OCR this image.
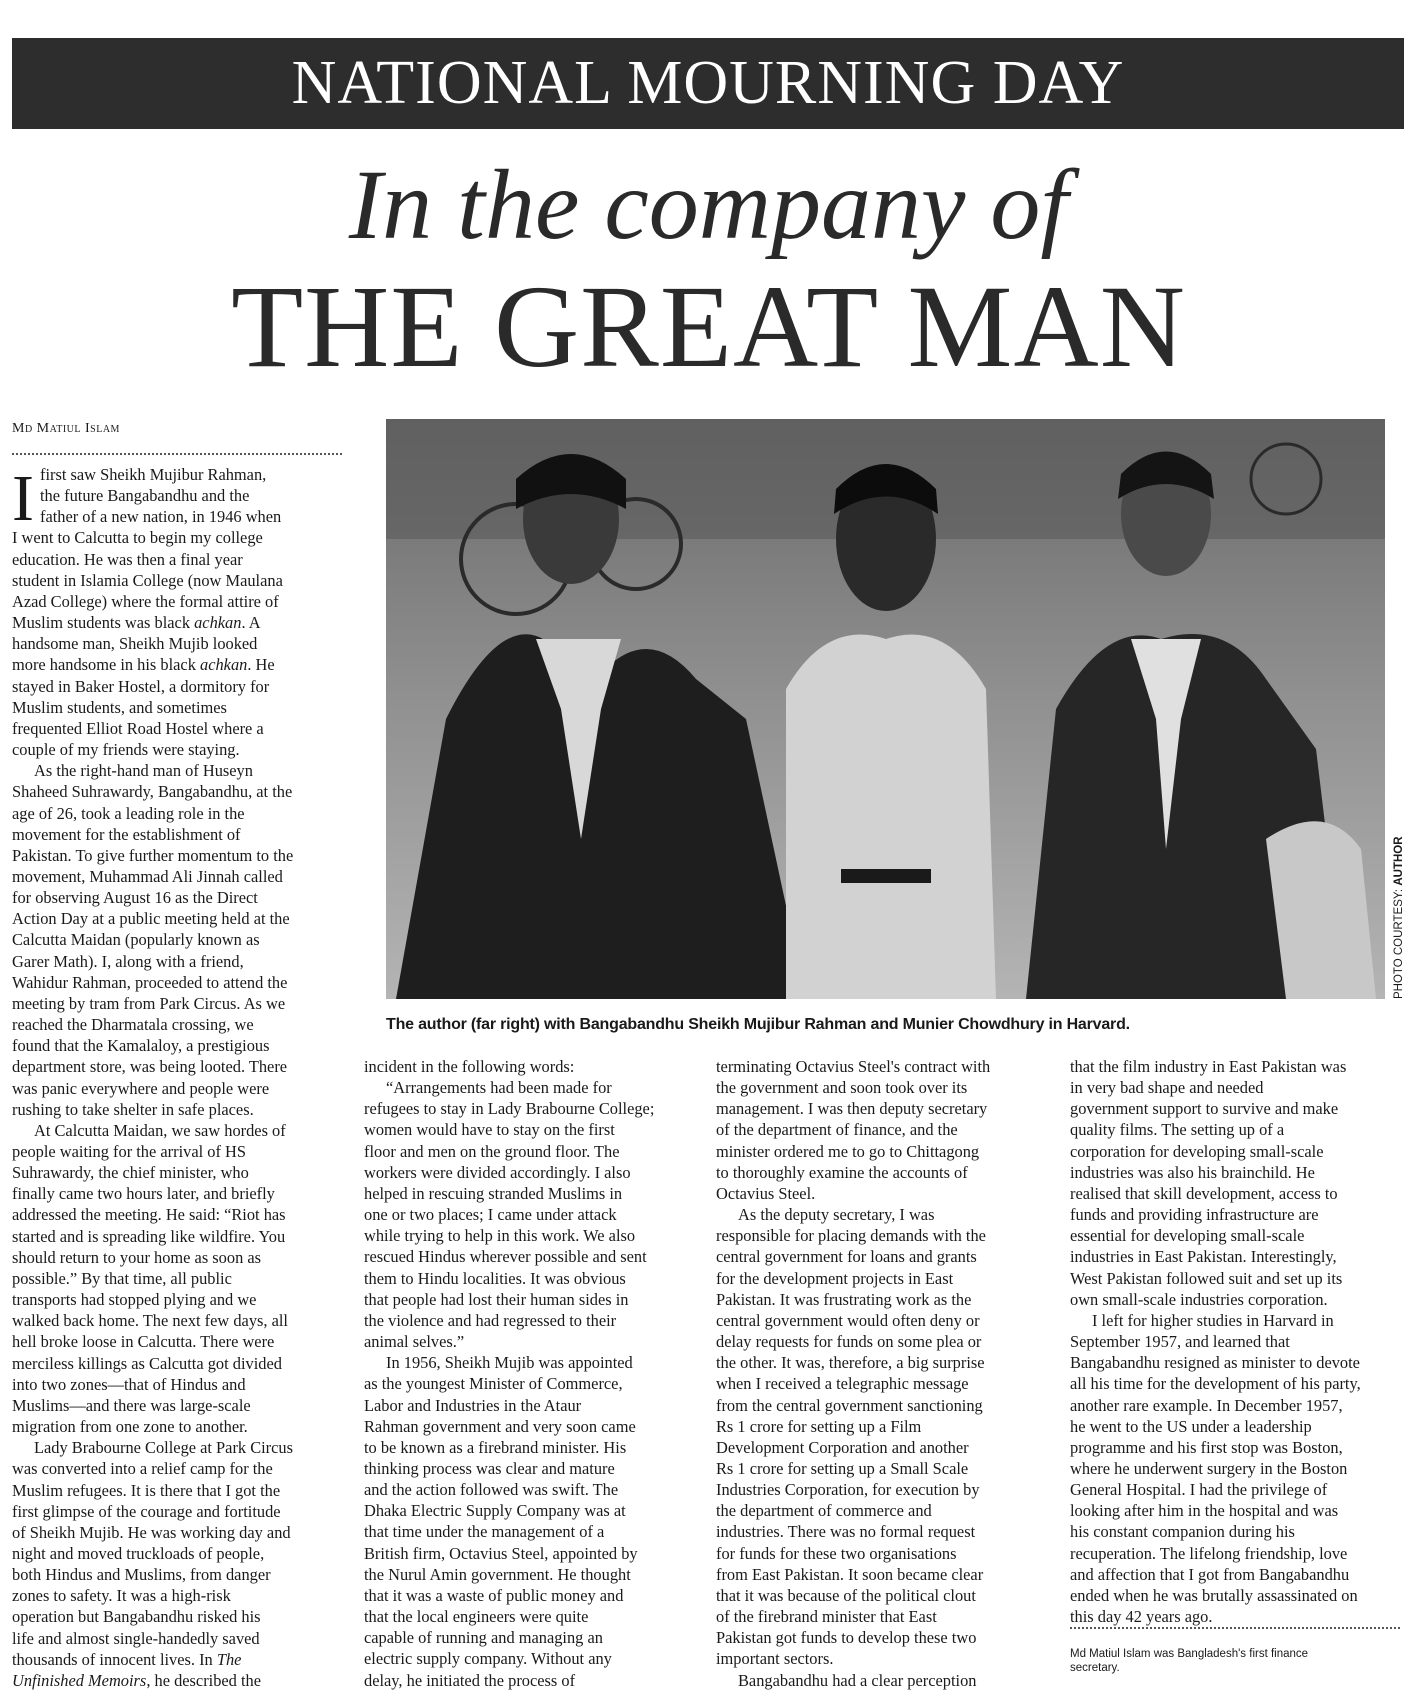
NATIONAL MOURNING DAY
In the company of
THE GREAT MAN
Md Matiul Islam

I first saw Sheikh Mujibur Rahman,
the future Bangabandhu and the
father of a new nation, in 1946 when
I went to Calcutta to begin my college
education. He was then a final year
student in Islamia College (now Maulana
Azad College) where the formal attire of
Muslim students was black achkan. A
handsome man, Sheikh Mujib looked
more handsome in his black achkan. He
stayed in Baker Hostel, a dormitory for
Muslim students, and sometimes
frequented Elliot Road Hostel where a
couple of my friends were staying.

As the right-hand man of Huseyn
Shaheed Suhrawardy, Bangabandhu, at the
age of 26, took a leading role in the
movement for the establishment of
Pakistan. To give further momentum to the
movement, Muhammad Ali Jinnah called
for observing August 16 as the Direct
Action Day at a public meeting held at the
Calcutta Maidan (popularly known as
Garer Math). I, along with a friend,
Wahidur Rahman, proceeded to attend the
meeting by tram from Park Circus. As we
reached the Dharmatala crossing, we
found that the Kamalaloy, a prestigious
department store, was being looted. There
was panic everywhere and people were
rushing to take shelter in safe places.

At Calcutta Maidan, we saw hordes of
people waiting for the arrival of HS
Suhrawardy, the chief minister, who
finally came two hours later, and briefly
addressed the meeting. He said: “Riot has
started and is spreading like wildfire. You
should return to your home as soon as
possible.” By that time, all public
transports had stopped plying and we
walked back home. The next few days, all
hell broke loose in Calcutta. There were
merciless killings as Calcutta got divided
into two zones—that of Hindus and
Muslims—and there was large-scale
migration from one zone to another.

Lady Brabourne College at Park Circus
was converted into a relief camp for the
Muslim refugees. It is there that I got the
first glimpse of the courage and fortitude
of Sheikh Mujib. He was working day and
night and moved truckloads of people,
both Hindus and Muslims, from danger
zones to safety. It was a high-risk
operation but Bangabandhu risked his
life and almost single-handedly saved
thousands of innocent lives. In The
Unfinished Memoirs, he described the

PHOTO COURTESY: AUTHOR
The author (far right) with Bangabandhu Sheikh Mujibur Rahman and Munier Chowdhury in Harvard.

incident in the following words:

“Arrangements had been made for
refugees to stay in Lady Brabourne College;
women would have to stay on the first
floor and men on the ground floor. The
workers were divided accordingly. I also
helped in rescuing stranded Muslims in
one or two places; I came under attack
while trying to help in this work. We also
rescued Hindus wherever possible and sent
them to Hindu localities. It was obvious
that people had lost their human sides in
the violence and had regressed to their
animal selves.”

In 1956, Sheikh Mujib was appointed
as the youngest Minister of Commerce,
Labor and Industries in the Ataur
Rahman government and very soon came
to be known as a firebrand minister. His
thinking process was clear and mature
and the action followed was swift. The
Dhaka Electric Supply Company was at
that time under the management of a
British firm, Octavius Steel, appointed by
the Nurul Amin government. He thought
that it was a waste of public money and
that the local engineers were quite
capable of running and managing an
electric supply company. Without any
delay, he initiated the process of

terminating Octavius Steel's contract with
the government and soon took over its
management. I was then deputy secretary
of the department of finance, and the
minister ordered me to go to Chittagong
to thoroughly examine the accounts of
Octavius Steel.

As the deputy secretary, I was
responsible for placing demands with the
central government for loans and grants
for the development projects in East
Pakistan. It was frustrating work as the
central government would often deny or
delay requests for funds on some plea or
the other. It was, therefore, a big surprise
when I received a telegraphic message
from the central government sanctioning
Rs 1 crore for setting up a Film
Development Corporation and another
Rs 1 crore for setting up a Small Scale
Industries Corporation, for execution by
the department of commerce and
industries. There was no formal request
for funds for these two organisations
from East Pakistan. It soon became clear
that it was because of the political clout
of the firebrand minister that East
Pakistan got funds to develop these two
important sectors.

Bangabandhu had a clear perception

that the film industry in East Pakistan was
in very bad shape and needed
government support to survive and make
quality films. The setting up of a
corporation for developing small-scale
industries was also his brainchild. He
realised that skill development, access to
funds and providing infrastructure are
essential for developing small-scale
industries in East Pakistan. Interestingly,
West Pakistan followed suit and set up its
own small-scale industries corporation.

I left for higher studies in Harvard in
September 1957, and learned that
Bangabandhu resigned as minister to devote
all his time for the development of his party,
another rare example. In December 1957,
he went to the US under a leadership
programme and his first stop was Boston,
where he underwent surgery in the Boston
General Hospital. I had the privilege of
looking after him in the hospital and was
his constant companion during his
recuperation. The lifelong friendship, love
and affection that I got from Bangabandhu
ended when he was brutally assassinated on
this day 42 years ago.

Md Matiul Islam was Bangladesh's first finance
secretary.
